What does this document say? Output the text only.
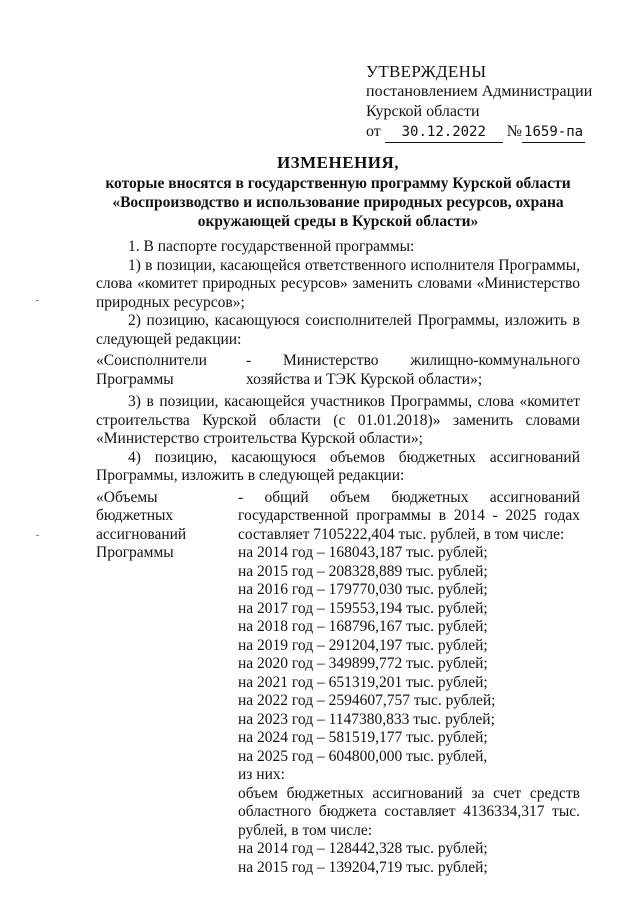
УТВЕРЖДЕНЫ
постановлением Администрации
Курской области
от 30.12.2022 № 1659-па
ИЗМЕНЕНИЯ,
которые вносятся в государственную программу Курской области
«Воспроизводство и использование природных ресурсов, охрана
окружающей среды в Курской области»

1. В паспорте государственной программы:

1) в позиции, касающейся ответственного исполнителя Программы, слова «комитет природных ресурсов» заменить словами «Министерство природных ресурсов»;

2) позицию, касающуюся соисполнителей Программы, изложить в следующей редакции:

«Соисполнители Программы
- Министерство жилищно-коммунального хозяйства и ТЭК Курской области»;

3) в позиции, касающейся участников Программы, слова «комитет строительства Курской области (с 01.01.2018)» заменить словами «Министерство строительства Курской области»;

4) позицию, касающуюся объемов бюджетных ассигнований Программы, изложить в следующей редакции:

«Объемы
бюджетных
ассигнований
Программы
- общий объем бюджетных ассигнований государственной программы в 2014 - 2025 годах составляет 7105222,404 тыс. рублей, в том числе:
на 2014 год – 168043,187 тыс. рублей;
на 2015 год – 208328,889 тыс. рублей;
на 2016 год – 179770,030 тыс. рублей;
на 2017 год – 159553,194 тыс. рублей;
на 2018 год – 168796,167 тыс. рублей;
на 2019 год – 291204,197 тыс. рублей;
на 2020 год – 349899,772 тыс. рублей;
на 2021 год – 651319,201 тыс. рублей;
на 2022 год – 2594607,757 тыс. рублей;
на 2023 год – 1147380,833 тыс. рублей;
на 2024 год – 581519,177 тыс. рублей;
на 2025 год – 604800,000 тыс. рублей,
из них:
объем бюджетных ассигнований за счет средств областного бюджета составляет 4136334,317 тыс. рублей, в том числе:
на 2014 год – 128442,328 тыс. рублей;
на 2015 год – 139204,719 тыс. рублей;
